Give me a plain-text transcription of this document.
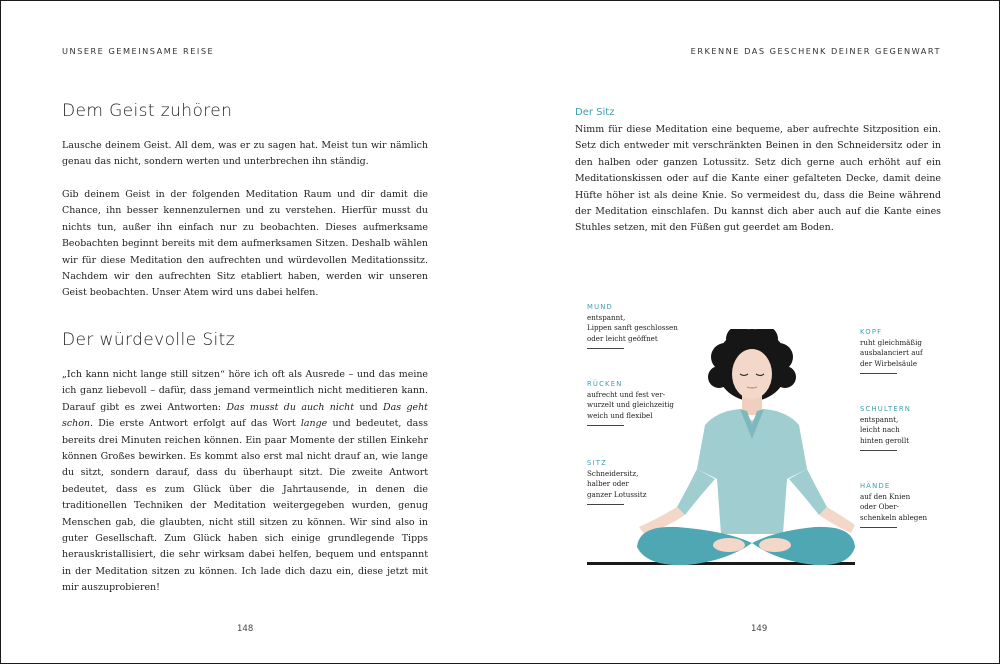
UNSERE GEMEINSAME REISE
Dem Geist zuhören
Lausche deinem Geist. All dem, was er zu sagen hat. Meist tun wir nämlich genau das nicht, sondern werten und unterbrechen ihn ständig.
Gib deinem Geist in der folgenden Meditation Raum und dir damit die Chance, ihn besser kennenzulernen und zu verstehen. Hierfür musst du nichts tun, außer ihn einfach nur zu beobachten. Dieses aufmerksame Beobachten beginnt bereits mit dem aufmerksamen Sitzen. Deshalb wählen wir für diese Meditation den aufrechten und würdevollen Meditationssitz. Nachdem wir den aufrechten Sitz etabliert haben, werden wir unseren Geist beobachten. Unser Atem wird uns dabei helfen.
Der würdevolle Sitz
„Ich kann nicht lange still sitzen“ höre ich oft als Ausrede – und das meine ich ganz liebevoll – dafür, dass jemand vermeintlich nicht meditieren kann. Darauf gibt es zwei Antworten: Das musst du auch nicht und Das geht schon. Die erste Antwort erfolgt auf das Wort lange und bedeutet, dass bereits drei Minuten reichen können. Ein paar Momente der stillen Einkehr können Großes bewirken. Es kommt also erst mal nicht drauf an, wie lange du sitzt, sondern darauf, dass du überhaupt sitzt. Die zweite Antwort bedeutet, dass es zum Glück über die Jahrtausende, in denen die traditionellen Techniken der Meditation weitergegeben wurden, genug Menschen gab, die glaubten, nicht still sitzen zu können. Wir sind also in guter Gesellschaft. Zum Glück haben sich einige grundlegende Tipps herauskristallisiert, die sehr wirksam dabei helfen, bequem und entspannt in der Meditation sitzen zu können. Ich lade dich dazu ein, diese jetzt mit mir auszuprobieren!
148
ERKENNE DAS GESCHENK DEINER GEGENWART
Der Sitz
Nimm für diese Meditation eine bequeme, aber aufrechte Sitzposition ein. Setz dich entweder mit verschränkten Beinen in den Schneidersitz oder in den halben oder ganzen Lotussitz. Setz dich gerne auch erhöht auf ein Meditationskissen oder auf die Kante einer gefalteten Decke, damit deine Hüfte höher ist als deine Knie. So vermeidest du, dass die Beine während der Meditation einschlafen. Du kannst dich aber auch auf die Kante eines Stuhles setzen, mit den Füßen gut geerdet am Boden.
MUND
entspannt,
Lippen sanft geschlossen
oder leicht geöffnet
RÜCKEN
aufrecht und fest ver-
wurzelt und gleichzeitig
weich und flexibel
SITZ
Schneidersitz,
halber oder
ganzer Lotussitz
KOPF
ruht gleichmäßig
ausbalanciert auf
der Wirbelsäule
SCHULTERN
entspannt,
leicht nach
hinten gerollt
HÄNDE
auf den Knien
oder Ober-
schenkeln ablegen
149
